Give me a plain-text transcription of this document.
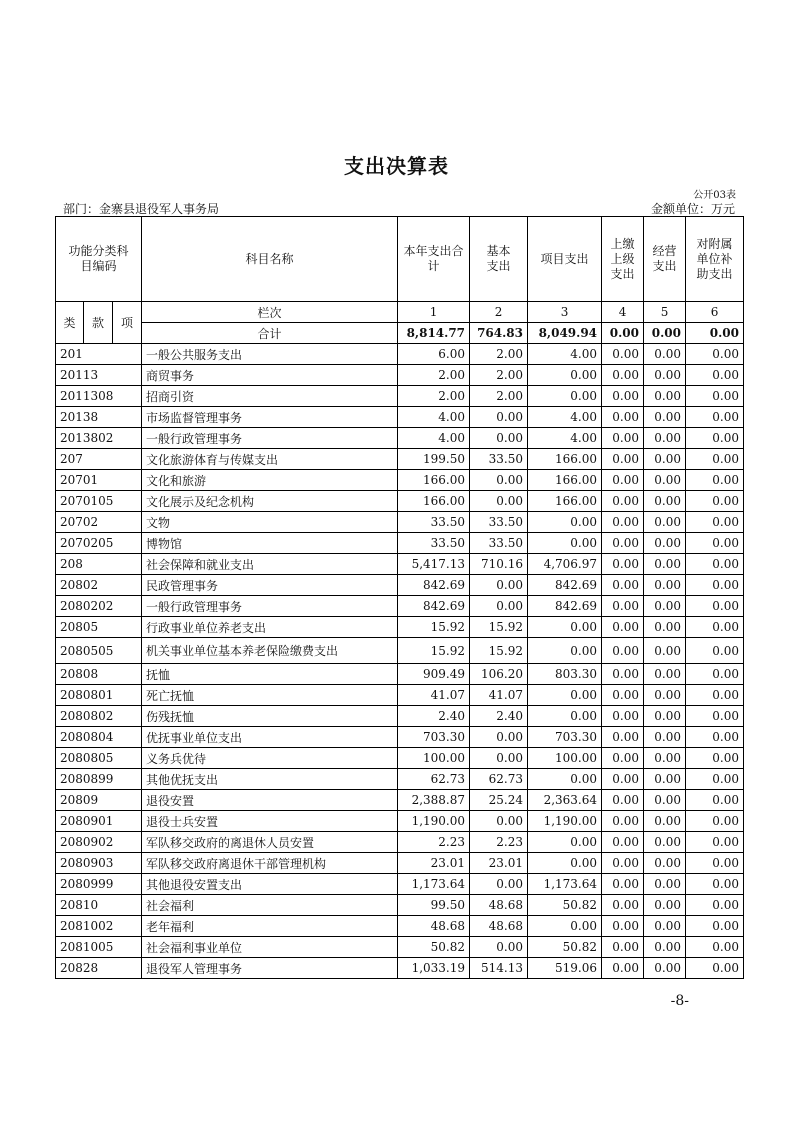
支出决算表
公开03表
部门：金寨县退役军人事务局	金额单位：万元
功能分类科目编码			科目名称	本年支出合计	基本支出	项目支出	上缴上级支出	经营支出	对附属单位补助支出
类	款	项	栏次	1	2	3	4	5	6
			合计	8,814.77	764.83	8,049.94	0.00	0.00	0.00
201			一般公共服务支出	6.00	2.00	4.00	0.00	0.00	0.00
20113			商贸事务	2.00	2.00	0.00	0.00	0.00	0.00
2011308			招商引资	2.00	2.00	0.00	0.00	0.00	0.00
20138			市场监督管理事务	4.00	0.00	4.00	0.00	0.00	0.00
2013802			一般行政管理事务	4.00	0.00	4.00	0.00	0.00	0.00
207			文化旅游体育与传媒支出	199.50	33.50	166.00	0.00	0.00	0.00
20701			文化和旅游	166.00	0.00	166.00	0.00	0.00	0.00
2070105			文化展示及纪念机构	166.00	0.00	166.00	0.00	0.00	0.00
20702			文物	33.50	33.50	0.00	0.00	0.00	0.00
2070205			博物馆	33.50	33.50	0.00	0.00	0.00	0.00
208			社会保障和就业支出	5,417.13	710.16	4,706.97	0.00	0.00	0.00
20802			民政管理事务	842.69	0.00	842.69	0.00	0.00	0.00
2080202			一般行政管理事务	842.69	0.00	842.69	0.00	0.00	0.00
20805			行政事业单位养老支出	15.92	15.92	0.00	0.00	0.00	0.00
2080505			机关事业单位基本养老保险缴费支出	15.92	15.92	0.00	0.00	0.00	0.00
20808			抚恤	909.49	106.20	803.30	0.00	0.00	0.00
2080801			死亡抚恤	41.07	41.07	0.00	0.00	0.00	0.00
2080802			伤残抚恤	2.40	2.40	0.00	0.00	0.00	0.00
2080804			优抚事业单位支出	703.30	0.00	703.30	0.00	0.00	0.00
2080805			义务兵优待	100.00	0.00	100.00	0.00	0.00	0.00
2080899			其他优抚支出	62.73	62.73	0.00	0.00	0.00	0.00
20809			退役安置	2,388.87	25.24	2,363.64	0.00	0.00	0.00
2080901			退役士兵安置	1,190.00	0.00	1,190.00	0.00	0.00	0.00
2080902			军队移交政府的离退休人员安置	2.23	2.23	0.00	0.00	0.00	0.00
2080903			军队移交政府离退休干部管理机构	23.01	23.01	0.00	0.00	0.00	0.00
2080999			其他退役安置支出	1,173.64	0.00	1,173.64	0.00	0.00	0.00
20810			社会福利	99.50	48.68	50.82	0.00	0.00	0.00
2081002			老年福利	48.68	48.68	0.00	0.00	0.00	0.00
2081005			社会福利事业单位	50.82	0.00	50.82	0.00	0.00	0.00
20828			退役军人管理事务	1,033.19	514.13	519.06	0.00	0.00	0.00
-8-
